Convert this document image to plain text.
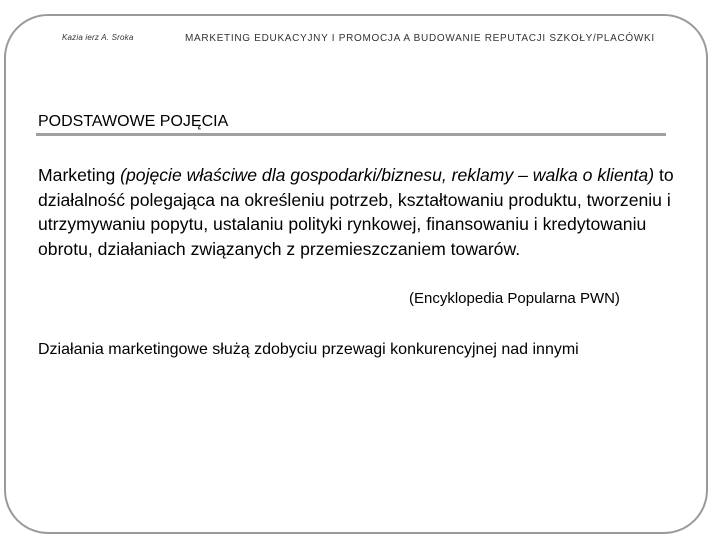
Kazia ierz A. Sroka	MARKETING EDUKACYJNY I PROMOCJA A BUDOWANIE REPUTACJI SZKOŁY/PLACÓWKI
PODSTAWOWE POJĘCIA
Marketing (pojęcie właściwe dla gospodarki/biznesu, reklamy – walka o klienta) to działalność polegająca na określeniu potrzeb, kształtowaniu produktu, tworzeniu i utrzymywaniu popytu, ustalaniu polityki rynkowej, finansowaniu i kredytowaniu obrotu, działaniach związanych z przemieszczaniem towarów.
(Encyklopedia Popularna PWN)
Działania marketingowe służą zdobyciu przewagi konkurencyjnej nad innymi
